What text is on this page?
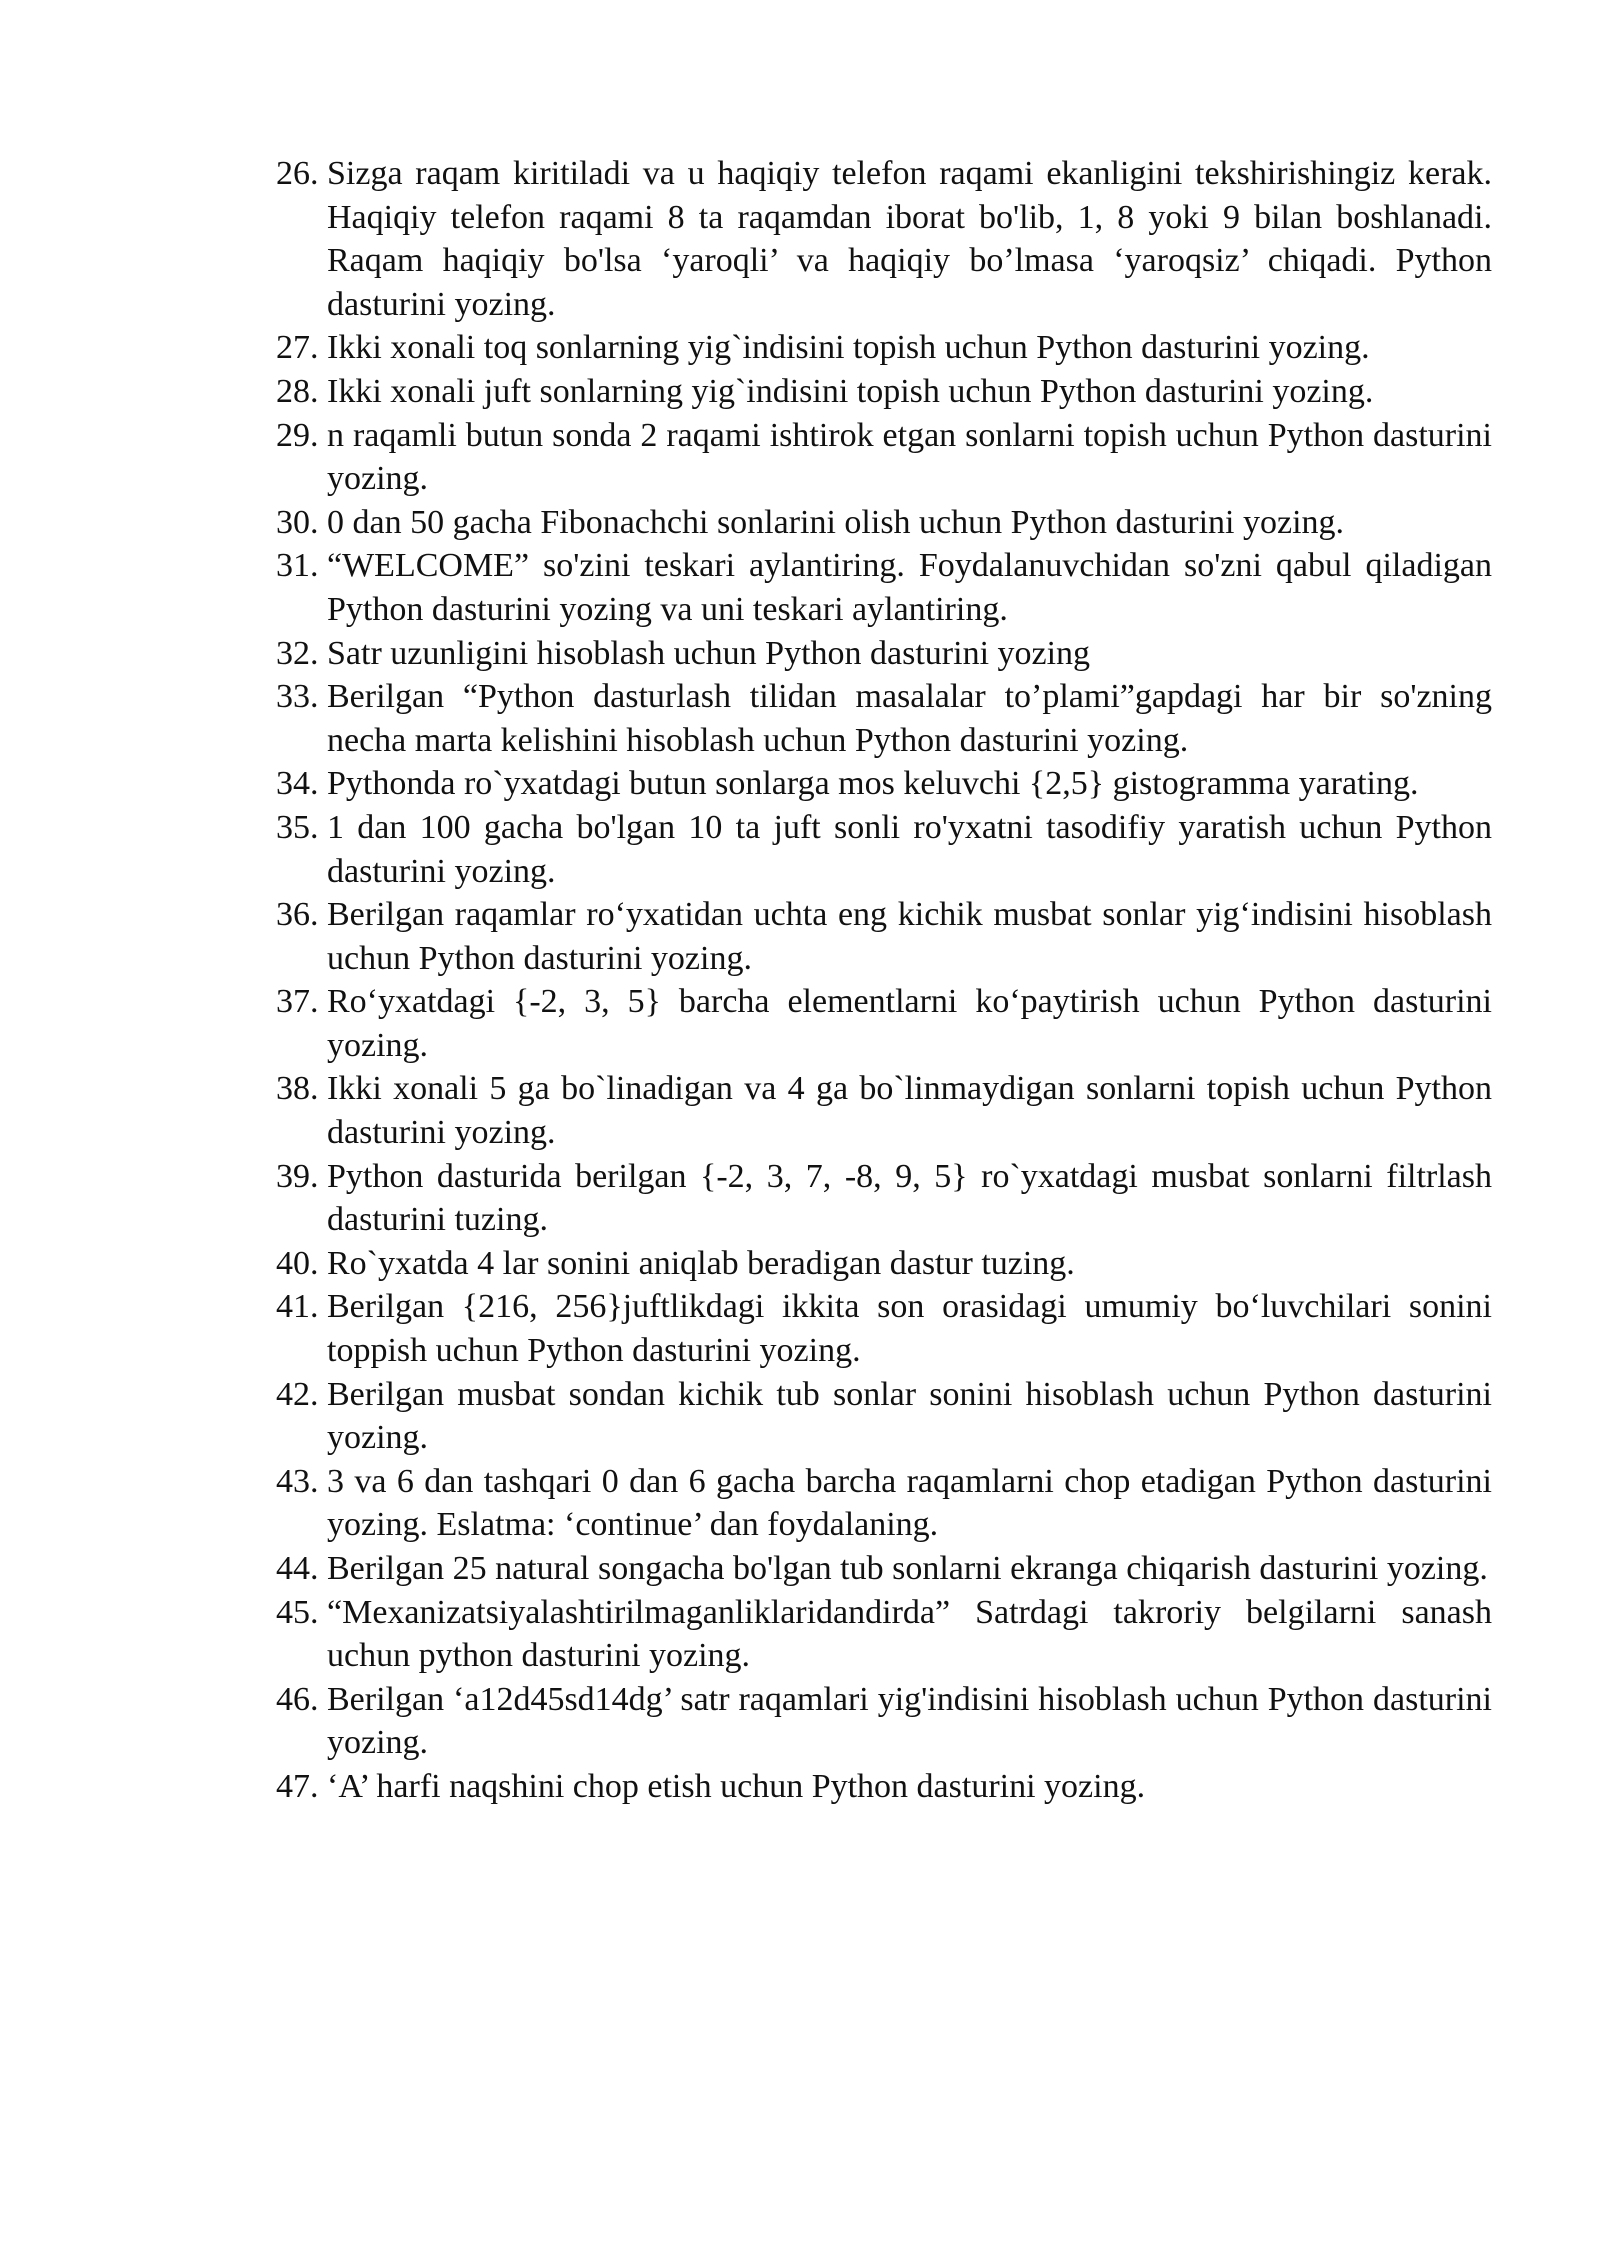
26. Sizga raqam kiritiladi va u haqiqiy telefon raqami ekanligini tekshirishingiz kerak. Haqiqiy telefon raqami 8 ta raqamdan iborat bo'lib, 1, 8 yoki 9 bilan boshlanadi. Raqam haqiqiy bo'lsa ‘yaroqli’ va haqiqiy bo’lmasa ‘yaroqsiz’ chiqadi. Python dasturini yozing.
27. Ikki xonali toq sonlarning yig`indisini topish uchun Python dasturini yozing.
28. Ikki xonali juft sonlarning yig`indisini topish uchun Python dasturini yozing.
29. n raqamli butun sonda 2 raqami ishtirok etgan sonlarni topish uchun Python dasturini yozing.
30. 0 dan 50 gacha Fibonachchi sonlarini olish uchun Python dasturini yozing.
31. “WELCOME” so'zini teskari aylantiring. Foydalanuvchidan so'zni qabul qiladigan Python dasturini yozing va uni teskari aylantiring.
32. Satr uzunligini hisoblash uchun Python dasturini yozing
33. Berilgan “Python dasturlash tilidan masalalar to’plami”gapdagi har bir so'zning necha marta kelishini hisoblash uchun Python dasturini yozing.
34. Pythonda ro`yxatdagi butun sonlarga mos keluvchi {2,5} gistogramma yarating.
35. 1 dan 100 gacha bo'lgan 10 ta juft sonli ro'yxatni tasodifiy yaratish uchun Python dasturini yozing.
36. Berilgan raqamlar ro‘yxatidan uchta eng kichik musbat sonlar yig‘indisini hisoblash uchun Python dasturini yozing.
37. Ro‘yxatdagi {-2, 3, 5} barcha elementlarni ko‘paytirish uchun Python dasturini yozing.
38. Ikki xonali 5 ga bo`linadigan va 4 ga bo`linmaydigan sonlarni topish uchun Python dasturini yozing.
39. Python dasturida berilgan {-2, 3, 7, -8, 9, 5} ro`yxatdagi musbat sonlarni filtrlash dasturini tuzing.
40. Ro`yxatda 4 lar sonini aniqlab beradigan dastur tuzing.
41. Berilgan {216, 256}juftlikdagi ikkita son orasidagi umumiy bo‘luvchilari sonini toppish uchun Python dasturini yozing.
42. Berilgan musbat sondan kichik tub sonlar sonini hisoblash uchun Python dasturini yozing.
43. 3 va 6 dan tashqari 0 dan 6 gacha barcha raqamlarni chop etadigan Python dasturini yozing. Eslatma: ‘continue’ dan foydalaning.
44. Berilgan 25 natural songacha bo'lgan tub sonlarni ekranga chiqarish dasturini yozing.
45. “Mexanizatsiyalashtirilmaganliklaridandirda” Satrdagi takroriy belgilarni sanash uchun python dasturini yozing.
46. Berilgan ‘a12d45sd14dg’ satr raqamlari yig'indisini hisoblash uchun Python dasturini yozing.
47. ‘A’ harfi naqshini chop etish uchun Python dasturini yozing.
